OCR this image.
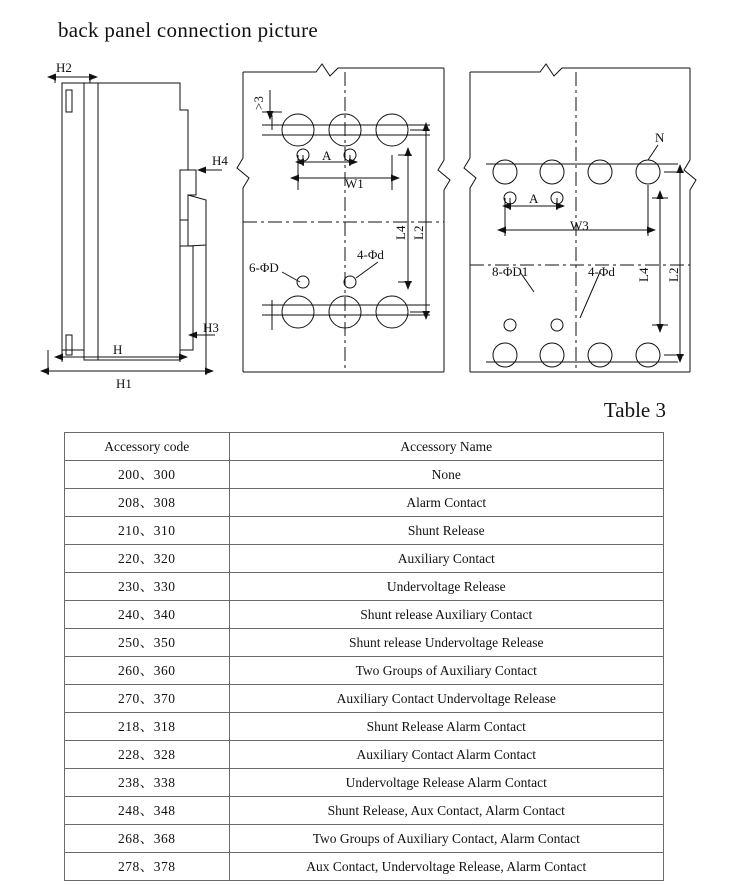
back panel connection picture
H2
H4
H3
H
H1
>3
A
W1
L4 L2
6-ΦD
4-Φd
N
A
W3
L4 L2
8-ΦD1	4-Φd
Table 3
Accessory code	Accessory Name
200、300	None
208、308	Alarm Contact
210、310	Shunt Release
220、320	Auxiliary Contact
230、330	Undervoltage Release
240、340	Shunt release Auxiliary Contact
250、350	Shunt release Undervoltage Release
260、360	Two Groups of Auxiliary Contact
270、370	Auxiliary Contact Undervoltage Release
218、318	Shunt Release Alarm Contact
228、328	Auxiliary Contact Alarm Contact
238、338	Undervoltage Release Alarm Contact
248、348	Shunt Release, Aux Contact, Alarm Contact
268、368	Two Groups of Auxiliary Contact, Alarm Contact
278、378	Aux Contact, Undervoltage Release, Alarm Contact
